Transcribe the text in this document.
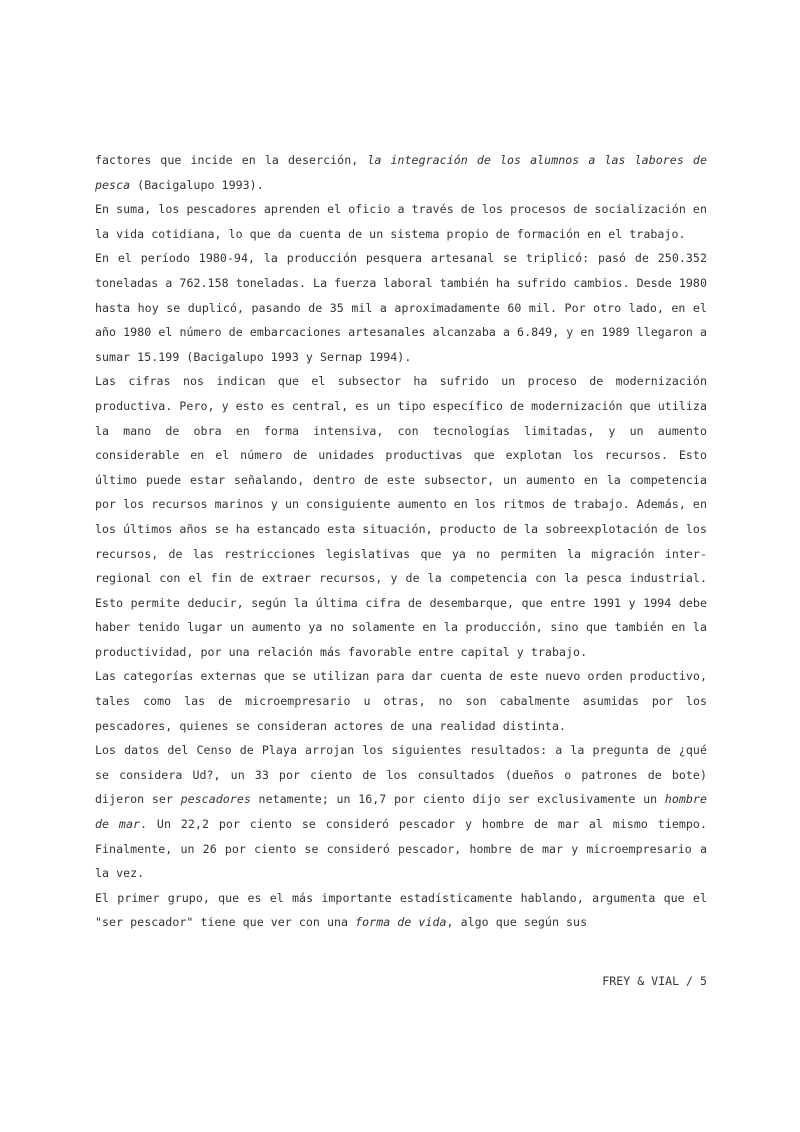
factores que incide en la deserción, la integración de los alumnos a las labores de pesca (Bacigalupo 1993).

En suma, los pescadores aprenden el oficio a través de los procesos de socialización en la vida cotidiana, lo que da cuenta de un sistema propio de formación en el trabajo.

En el período 1980-94, la producción pesquera artesanal se triplicó: pasó de 250.352 toneladas a 762.158 toneladas. La fuerza laboral también ha sufrido cambios. Desde 1980 hasta hoy se duplicó, pasando de 35 mil a aproximadamente 60 mil. Por otro lado, en el año 1980 el número de embarcaciones artesanales alcanzaba a 6.849, y en 1989 llegaron a sumar 15.199 (Bacigalupo 1993 y Sernap 1994).

Las cifras nos indican que el subsector ha sufrido un proceso de modernización productiva. Pero, y esto es central, es un tipo específico de modernización que utiliza la mano de obra en forma intensiva, con tecnologías limitadas, y un aumento considerable en el número de unidades productivas que explotan los recursos. Esto último puede estar señalando, dentro de este subsector, un aumento en la competencia por los recursos marinos y un consiguiente aumento en los ritmos de trabajo. Además, en los últimos años se ha estancado esta situación, producto de la sobreexplotación de los recursos, de las restricciones legislativas que ya no permiten la migración inter-regional con el fin de extraer recursos, y de la competencia con la pesca industrial. Esto permite deducir, según la última cifra de desembarque, que entre 1991 y 1994 debe haber tenido lugar un aumento ya no solamente en la producción, sino que también en la productividad, por una relación más favorable entre capital y trabajo.

Las categorías externas que se utilizan para dar cuenta de este nuevo orden productivo, tales como las de microempresario u otras, no son cabalmente asumidas por los pescadores, quienes se consideran actores de una realidad distinta.

Los datos del Censo de Playa arrojan los siguientes resultados: a la pregunta de ¿qué se considera Ud?, un 33 por ciento de los consultados (dueños o patrones de bote) dijeron ser pescadores netamente; un 16,7 por ciento dijo ser exclusivamente un hombre de mar. Un 22,2 por ciento se consideró pescador y hombre de mar al mismo tiempo. Finalmente, un 26 por ciento se consideró pescador, hombre de mar y microempresario a la vez.

El primer grupo, que es el más importante estadísticamente hablando, argumenta que el "ser pescador" tiene que ver con una forma de vida, algo que según sus

FREY & VIAL / 5
